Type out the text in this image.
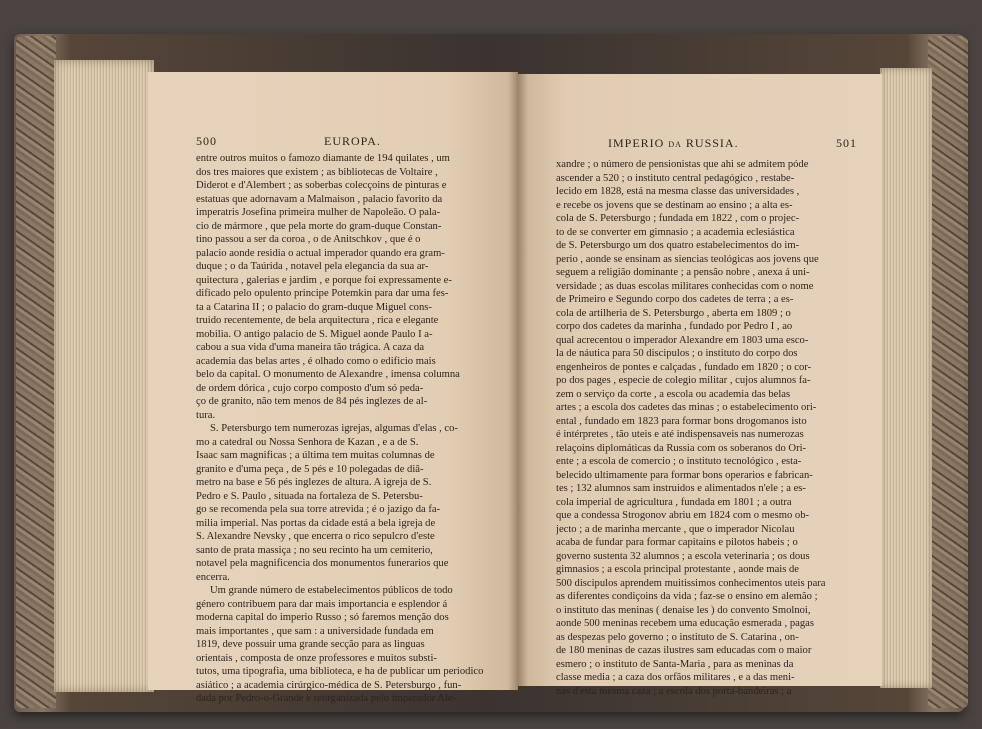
500	EUROPA.
entre outros muitos o famozo diamante de 194 quilates , um
dos tres maiores que existem ; as bibliotecas de Voltaire ,
Diderot e d'Alembert ; as soberbas colecçoins de pinturas e
estatuas que adornavam a Malmaison , palacio favorito da
imperatris Josefina primeira mulher de Napoleão. O pala-
cio de mármore , que pela morte do gram-duque Constan-
tino passou a ser da coroa , o de Anitschkov , que é o
palacio aonde residia o actual imperador quando era gram-
duque ; o da Taúrida , notavel pela elegancia da sua ar-
quitectura , galerias e jardim , e porque foi expressamente e-
dificado pelo opulento principe Potemkin para dar uma fes-
ta a Catarina II ; o palacio do gram-duque Miguel cons-
truido recentemente, de bela arquitectura , rica e elegante
mobilia. O antigo palacio de S. Miguel aonde Paulo I a-
cabou a sua vida d'uma maneira tão trágica. A caza da
academia das belas artes , é olhado como o edificio mais
belo da capital. O monumento de Alexandre , imensa columna
de ordem dórica , cujo corpo composto d'um só peda-
ço de granito, não tem menos de 84 pés inglezes de al-
tura.
S. Petersburgo tem numerozas igrejas, algumas d'elas , co-
mo a catedral ou Nossa Senhora de Kazan , e a de S.
Isaac sam magnificas ; a última tem muitas columnas de
granito e d'uma peça , de 5 pés e 10 polegadas de diâ-
metro na base e 56 pés inglezes de altura. A igreja de S.
Pedro e S. Paulo , situada na fortaleza de S. Petersbu-
go se recomenda pela sua torre atrevida ; é o jazigo da fa-
milia imperial. Nas portas da cidade está a bela igreja de
S. Alexandre Nevsky , que encerra o rico sepulcro d'este
santo de prata massiça ; no seu recinto ha um cemiterio,
notavel pela magnificencia dos monumentos funerarios que
encerra.
Um grande número de estabelecimentos públicos de todo
género contribuem para dar mais importancia e esplendor á
moderna capital do imperio Russo ; só faremos menção dos
mais importantes , que sam : a universidade fundada em
1819, deve possuir uma grande secção para as linguas
orientais , composta de onze professores e muitos substi-
tutos, uma tipografia, uma biblioteca, e ha de publicar um periodico
asiático ; a academia cirúrgico-médica de S. Petersburgo , fun-
dada por Pedro-o-Grande e reorganizada pelo imperador Ale-
IMPERIO DA RUSSIA.	501
xandre ; o número de pensionistas que ahi se admitem póde
ascender a 520 ; o instituto central pedagógico , restabe-
lecido em 1828, está na mesma classe das universidades ,
e recebe os jovens que se destinam ao ensino ; a alta es-
cola de S. Petersburgo ; fundada em 1822 , com o projec-
to de se converter em gimnasio ; a academia eclesiástica
de S. Petersburgo um dos quatro estabelecimentos do im-
perio , aonde se ensinam as siencias teológicas aos jovens que
seguem a religião dominante ; a pensão nobre , anexa á uni-
versidade ; as duas escolas militares conhecidas com o nome
de Primeiro e Segundo corpo dos cadetes de terra ; a es-
cola de artilheria de S. Petersburgo , aberta em 1809 ; o
corpo dos cadetes da marinha , fundado por Pedro I , ao
qual acrecentou o imperador Alexandre em 1803 uma esco-
la de náutica para 50 discipulos ; o instituto do corpo dos
engenheiros de pontes e calçadas , fundado em 1820 ; o cor-
po dos pages , especie de colegio militar , cujos alumnos fa-
zem o serviço da corte , a escola ou academia das belas
artes ; a escola dos cadetes das minas ; o estabelecimento ori-
ental , fundado em 1823 para formar bons drogomanos isto
é intérpretes , tão uteis e até indispensaveis nas numerozas
relaçoins diplomáticas da Russia com os soberanos do Ori-
ente ; a escola de comercio ; o instituto tecnológico , esta-
belecido ultimamente para formar bons operarios e fabrican-
tes ; 132 alumnos sam instruidos e alimentados n'ele ; a es-
cola imperial de agricultura , fundada em 1801 ; a outra
que a condessa Strogonov abriu em 1824 com o mesmo ob-
jecto ; a de marinha mercante , que o imperador Nicolau
acaba de fundar para formar capitains e pilotos habeis ; o
governo sustenta 32 alumnos ; a escola veterinaria ; os dous
gimnasios ; a escola principal protestante , aonde mais de
500 discipulos aprendem muitissimos conhecimentos uteis para
as diferentes condiçoins da vida ; faz-se o ensino em alemão ;
o instituto das meninas ( denaise les ) do convento Smolnoi,
aonde 500 meninas recebem uma educação esmerada , pagas
as despezas pelo governo ; o instituto de S. Catarina , on-
de 180 meninas de cazas ilustres sam educadas com o maior
esmero ; o instituto de Santa-Maria , para as meninas da
classe media ; a caza dos orfãos militares , e a das meni-
nas d'esta mesma caza ; a escola dos porta-bandeiras ; a
